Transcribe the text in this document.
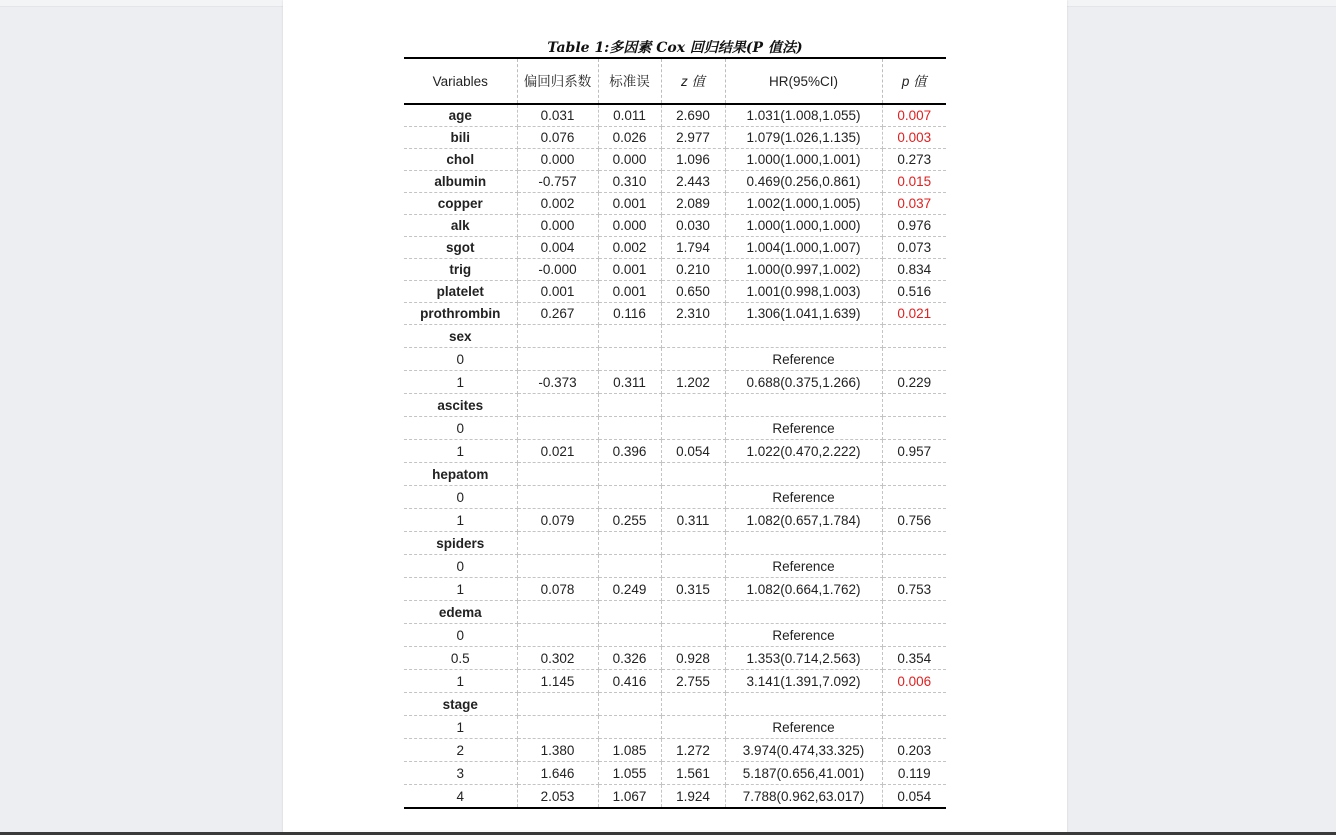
Table 1:多因素 Cox 回归结果(P 值法)
Variables	偏回归系数	标准误	z 值	HR(95%CI)	p 值
age	0.031	0.011	2.690	1.031(1.008,1.055)	0.007
bili	0.076	0.026	2.977	1.079(1.026,1.135)	0.003
chol	0.000	0.000	1.096	1.000(1.000,1.001)	0.273
albumin	-0.757	0.310	2.443	0.469(0.256,0.861)	0.015
copper	0.002	0.001	2.089	1.002(1.000,1.005)	0.037
alk	0.000	0.000	0.030	1.000(1.000,1.000)	0.976
sgot	0.004	0.002	1.794	1.004(1.000,1.007)	0.073
trig	-0.000	0.001	0.210	1.000(0.997,1.002)	0.834
platelet	0.001	0.001	0.650	1.001(0.998,1.003)	0.516
prothrombin	0.267	0.116	2.310	1.306(1.041,1.639)	0.021
sex					
0				Reference	
1	-0.373	0.311	1.202	0.688(0.375,1.266)	0.229
ascites					
0				Reference	
1	0.021	0.396	0.054	1.022(0.470,2.222)	0.957
hepatom					
0				Reference	
1	0.079	0.255	0.311	1.082(0.657,1.784)	0.756
spiders					
0				Reference	
1	0.078	0.249	0.315	1.082(0.664,1.762)	0.753
edema					
0				Reference	
0.5	0.302	0.326	0.928	1.353(0.714,2.563)	0.354
1	1.145	0.416	2.755	3.141(1.391,7.092)	0.006
stage					
1				Reference	
2	1.380	1.085	1.272	3.974(0.474,33.325)	0.203
3	1.646	1.055	1.561	5.187(0.656,41.001)	0.119
4	2.053	1.067	1.924	7.788(0.962,63.017)	0.054
